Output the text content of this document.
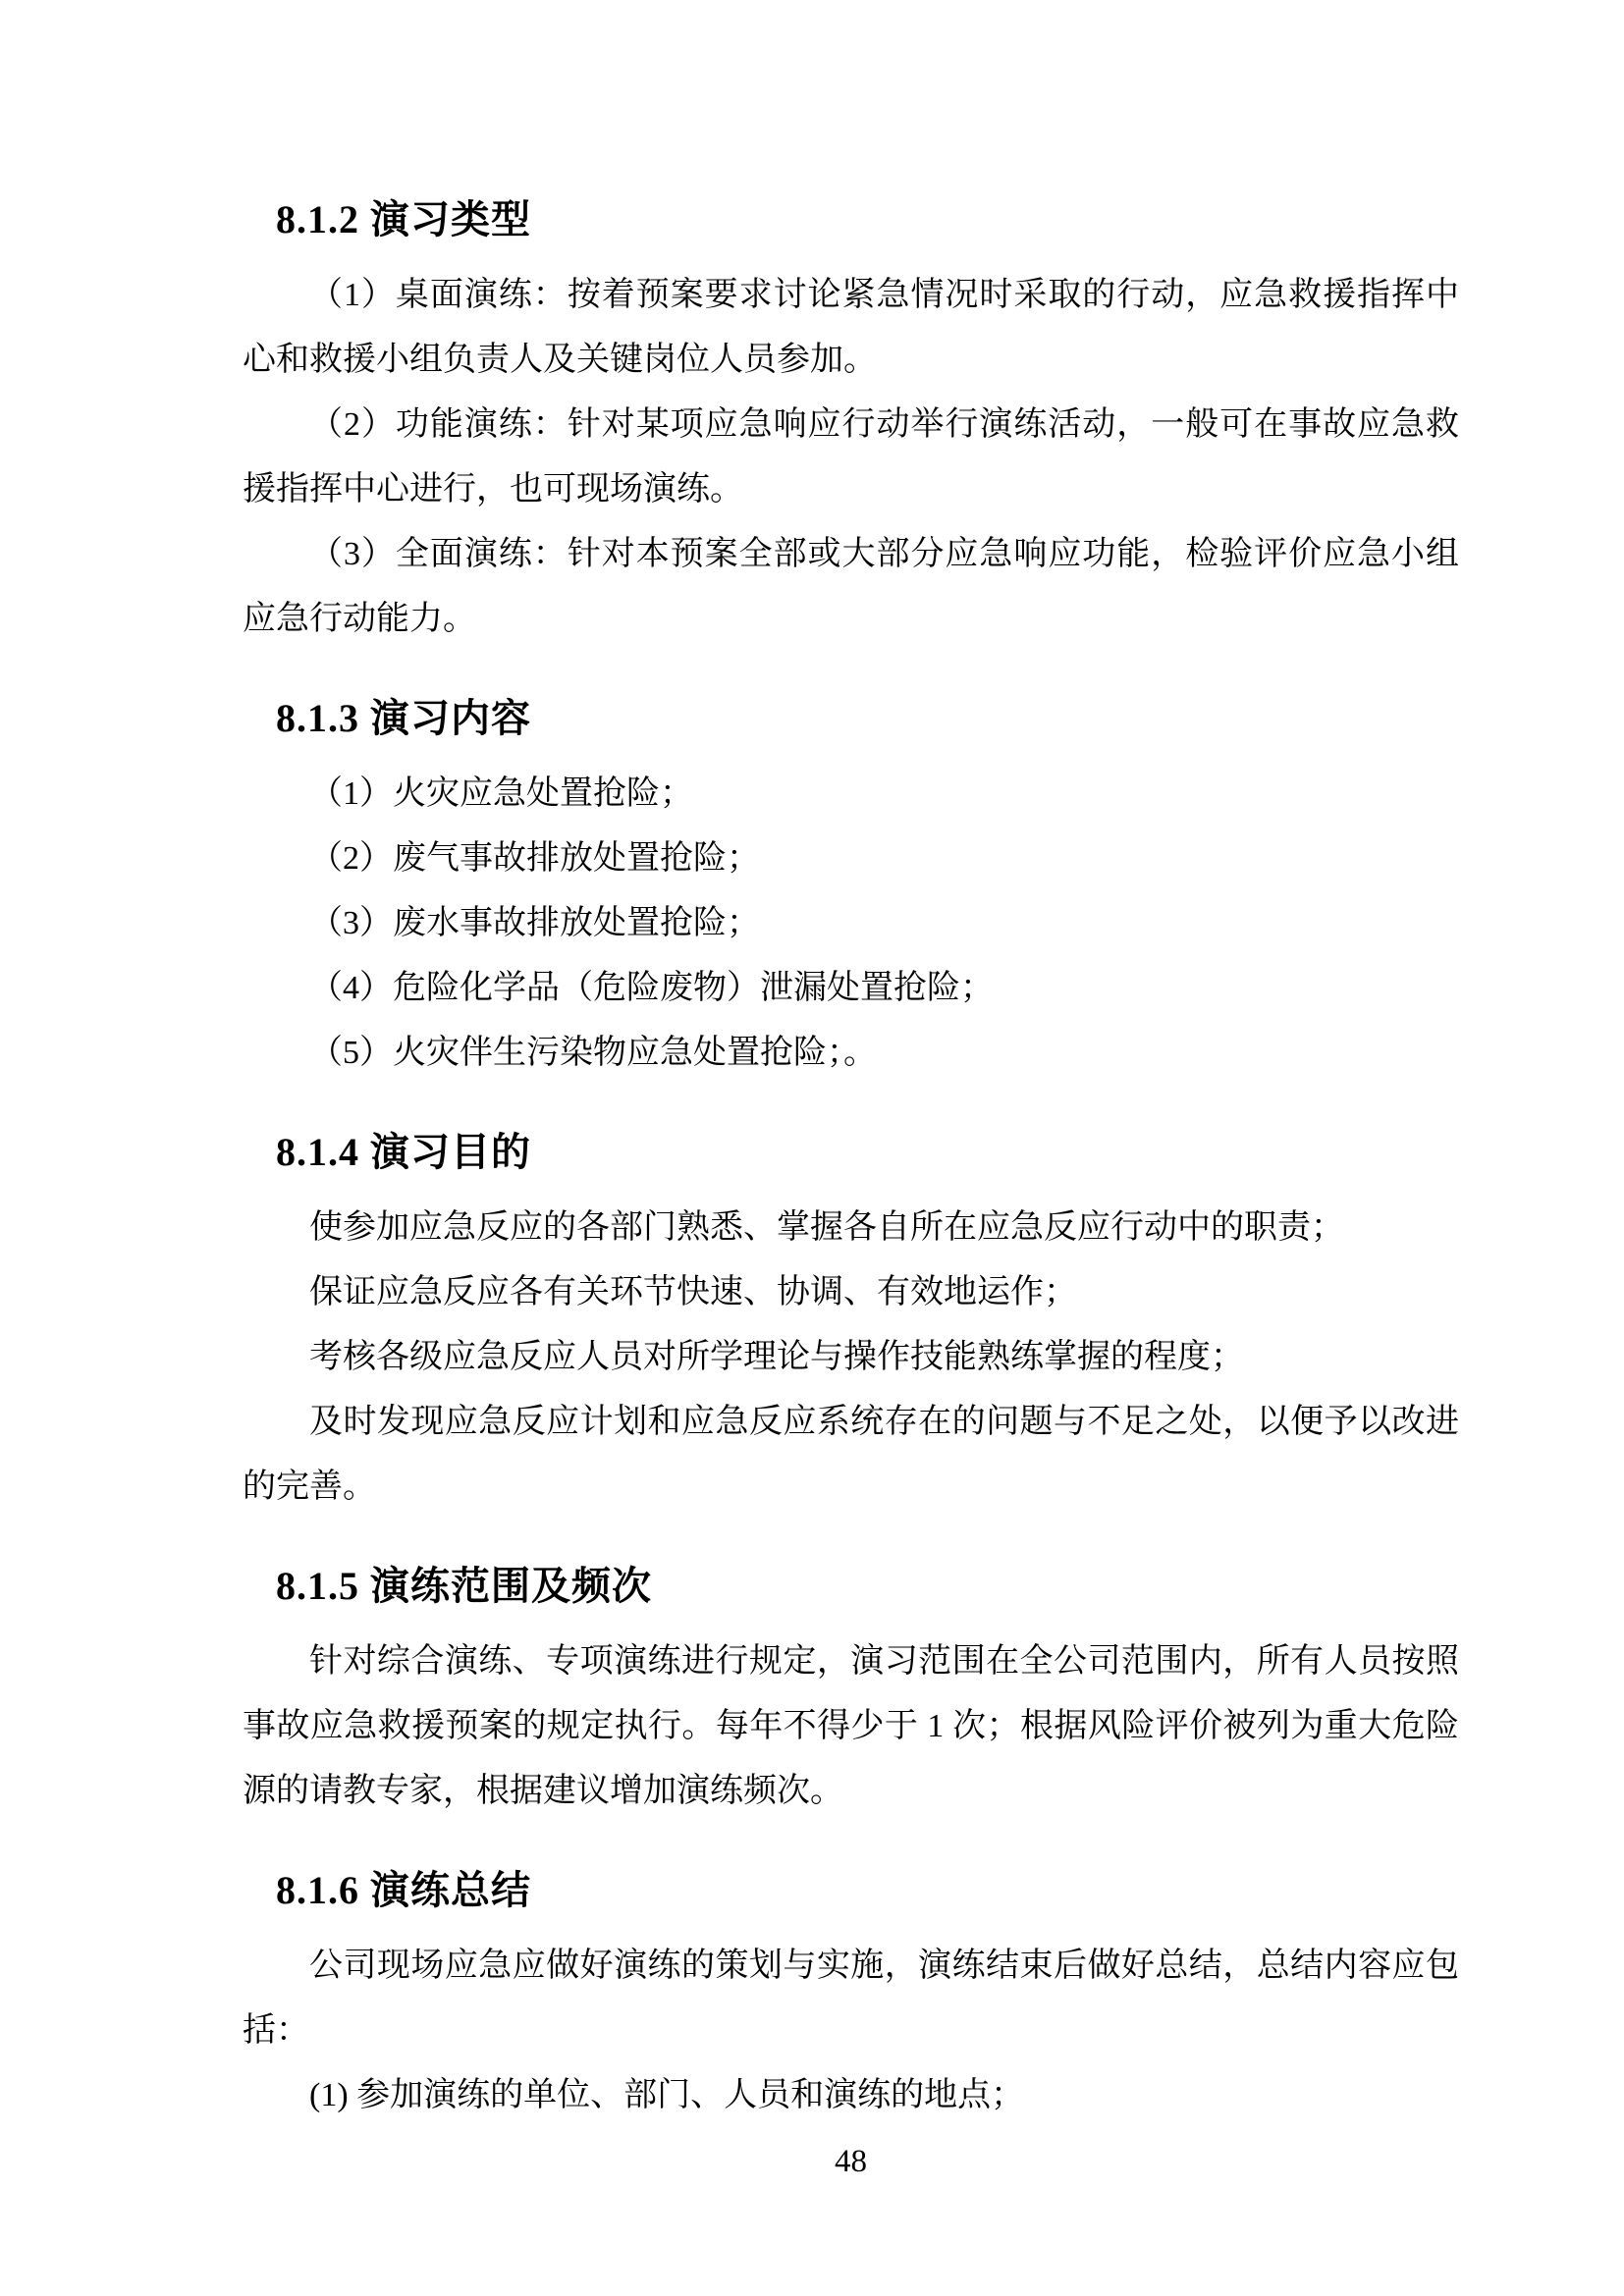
8.1.2 演习类型

（1）桌面演练：按着预案要求讨论紧急情况时采取的行动，应急救援指挥中心和救援小组负责人及关键岗位人员参加。

（2）功能演练：针对某项应急响应行动举行演练活动，一般可在事故应急救援指挥中心进行，也可现场演练。

（3）全面演练：针对本预案全部或大部分应急响应功能，检验评价应急小组应急行动能力。

8.1.3 演习内容

（1）火灾应急处置抢险；

（2）废气事故排放处置抢险；

（3）废水事故排放处置抢险；

（4）危险化学品（危险废物）泄漏处置抢险；

（5）火灾伴生污染物应急处置抢险；。

8.1.4 演习目的

使参加应急反应的各部门熟悉、掌握各自所在应急反应行动中的职责；

保证应急反应各有关环节快速、协调、有效地运作；

考核各级应急反应人员对所学理论与操作技能熟练掌握的程度；

及时发现应急反应计划和应急反应系统存在的问题与不足之处，以便予以改进的完善。

8.1.5 演练范围及频次

针对综合演练、专项演练进行规定，演习范围在全公司范围内，所有人员按照事故应急救援预案的规定执行。每年不得少于 1 次；根据风险评价被列为重大危险源的请教专家，根据建议增加演练频次。

8.1.6 演练总结

公司现场应急应做好演练的策划与实施，演练结束后做好总结，总结内容应包括：

(1) 参加演练的单位、部门、人员和演练的地点；

48
